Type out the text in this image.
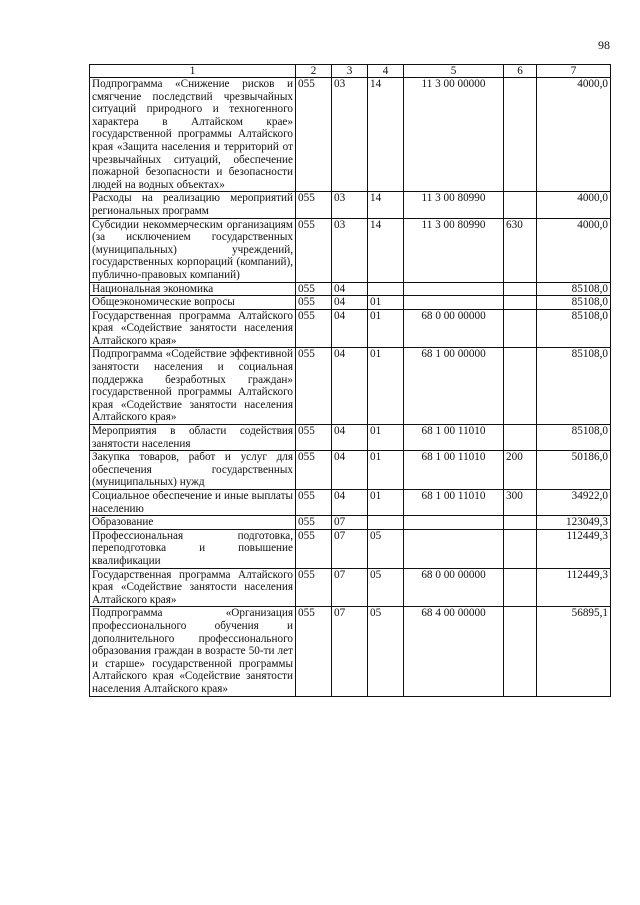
98
1	2	3	4	5	6	7
Подпрограмма «Снижение рисков и смягчение последствий чрезвычайных ситуаций природного и техногенного характера в Алтайском крае» государственной программы Алтайского края «Защита населения и территорий от чрезвычайных ситуаций, обеспечение пожарной безопасности и безопасности людей на водных объектах»	055	03	14	11 3 00 00000		4000,0
Расходы на реализацию мероприятий региональных программ	055	03	14	11 3 00 80990		4000,0
Субсидии некоммерческим организациям (за исключением государственных (муниципальных) учреждений, государственных корпораций (компаний), публично-правовых компаний)	055	03	14	11 3 00 80990	630	4000,0
Национальная экономика	055	04				85108,0
Общеэкономические вопросы	055	04	01			85108,0
Государственная программа Алтайского края «Содействие занятости населения Алтайского края»	055	04	01	68 0 00 00000		85108,0
Подпрограмма «Содействие эффективной занятости населения и социальная поддержка безработных граждан» государственной программы Алтайского края «Содействие занятости населения Алтайского края»	055	04	01	68 1 00 00000		85108,0
Мероприятия в области содействия занятости населения	055	04	01	68 1 00 11010		85108,0
Закупка товаров, работ и услуг для обеспечения государственных (муниципальных) нужд	055	04	01	68 1 00 11010	200	50186,0
Социальное обеспечение и иные выплаты населению	055	04	01	68 1 00 11010	300	34922,0
Образование	055	07				123049,3
Профессиональная подготовка, переподготовка и повышение квалификации	055	07	05			112449,3
Государственная программа Алтайского края «Содействие занятости населения Алтайского края»	055	07	05	68 0 00 00000		112449,3
Подпрограмма «Организация профессионального обучения и дополнительного профессионального образования граждан в возрасте 50-ти лет и старше» государственной программы Алтайского края «Содействие занятости населения Алтайского края»	055	07	05	68 4 00 00000		56895,1
